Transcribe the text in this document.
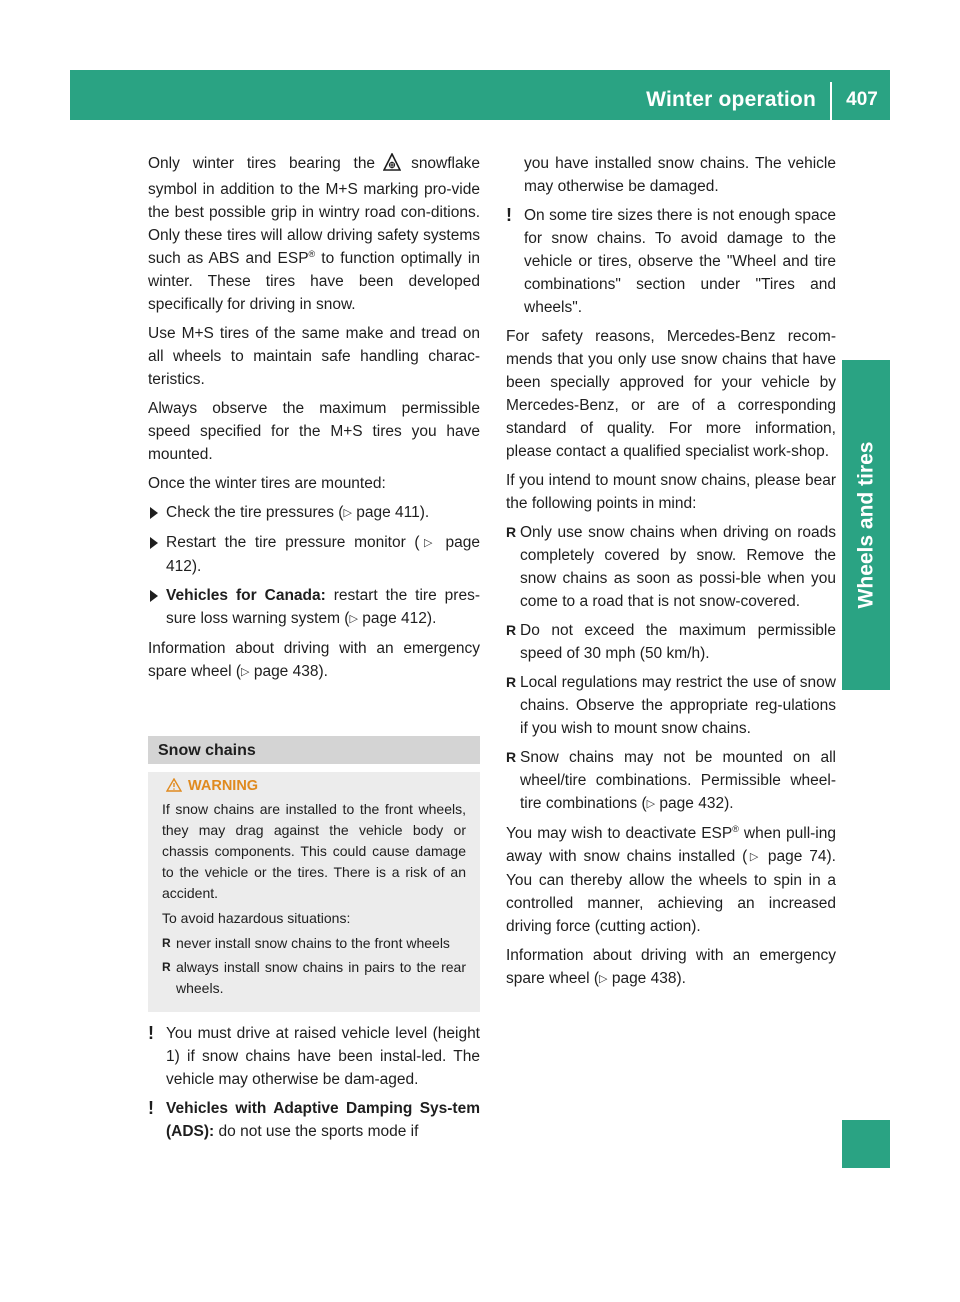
Winter operation	407
Wheels and tires

Only winter tires bearing the snowflake symbol in addition to the M+S marking pro-vide the best possible grip in wintry road con-ditions. Only these tires will allow driving safety systems such as ABS and ESP® to function optimally in winter. These tires have been developed specifically for driving in snow.

Use M+S tires of the same make and tread on all wheels to maintain safe handling charac-teristics.

Always observe the maximum permissible speed specified for the M+S tires you have mounted.

Once the winter tires are mounted:

Check the tire pressures (▷ page 411).
Restart the tire pressure monitor (▷ page 412).
Vehicles for Canada: restart the tire pres-sure loss warning system (▷ page 412).

Information about driving with an emergency spare wheel (▷ page 438).

Snow chains
WARNING

If snow chains are installed to the front wheels, they may drag against the vehicle body or chassis components. This could cause damage to the vehicle or the tires. There is a risk of an accident.

To avoid hazardous situations:

R never install snow chains to the front wheels
R always install snow chains in pairs to the rear wheels.
! You must drive at raised vehicle level (height 1) if snow chains have been instal-led. The vehicle may otherwise be dam-aged.
! Vehicles with Adaptive Damping Sys-tem (ADS): do not use the sports mode if
you have installed snow chains. The vehicle may otherwise be damaged.
! On some tire sizes there is not enough space for snow chains. To avoid damage to the vehicle or tires, observe the "Wheel and tire combinations" section under "Tires and wheels".

For safety reasons, Mercedes-Benz recom-mends that you only use snow chains that have been specially approved for your vehicle by Mercedes-Benz, or are of a corresponding standard of quality. For more information, please contact a qualified specialist work-shop.

If you intend to mount snow chains, please bear the following points in mind:

R Only use snow chains when driving on roads completely covered by snow. Remove the snow chains as soon as possi-ble when you come to a road that is not snow-covered.
R Do not exceed the maximum permissible speed of 30 mph (50 km/h).
R Local regulations may restrict the use of snow chains. Observe the appropriate reg-ulations if you wish to mount snow chains.
R Snow chains may not be mounted on all wheel/tire combinations. Permissible wheel-tire combinations (▷ page 432).

You may wish to deactivate ESP® when pull-ing away with snow chains installed (▷ page 74). You can thereby allow the wheels to spin in a controlled manner, achieving an increased driving force (cutting action).

Information about driving with an emergency spare wheel (▷ page 438).
